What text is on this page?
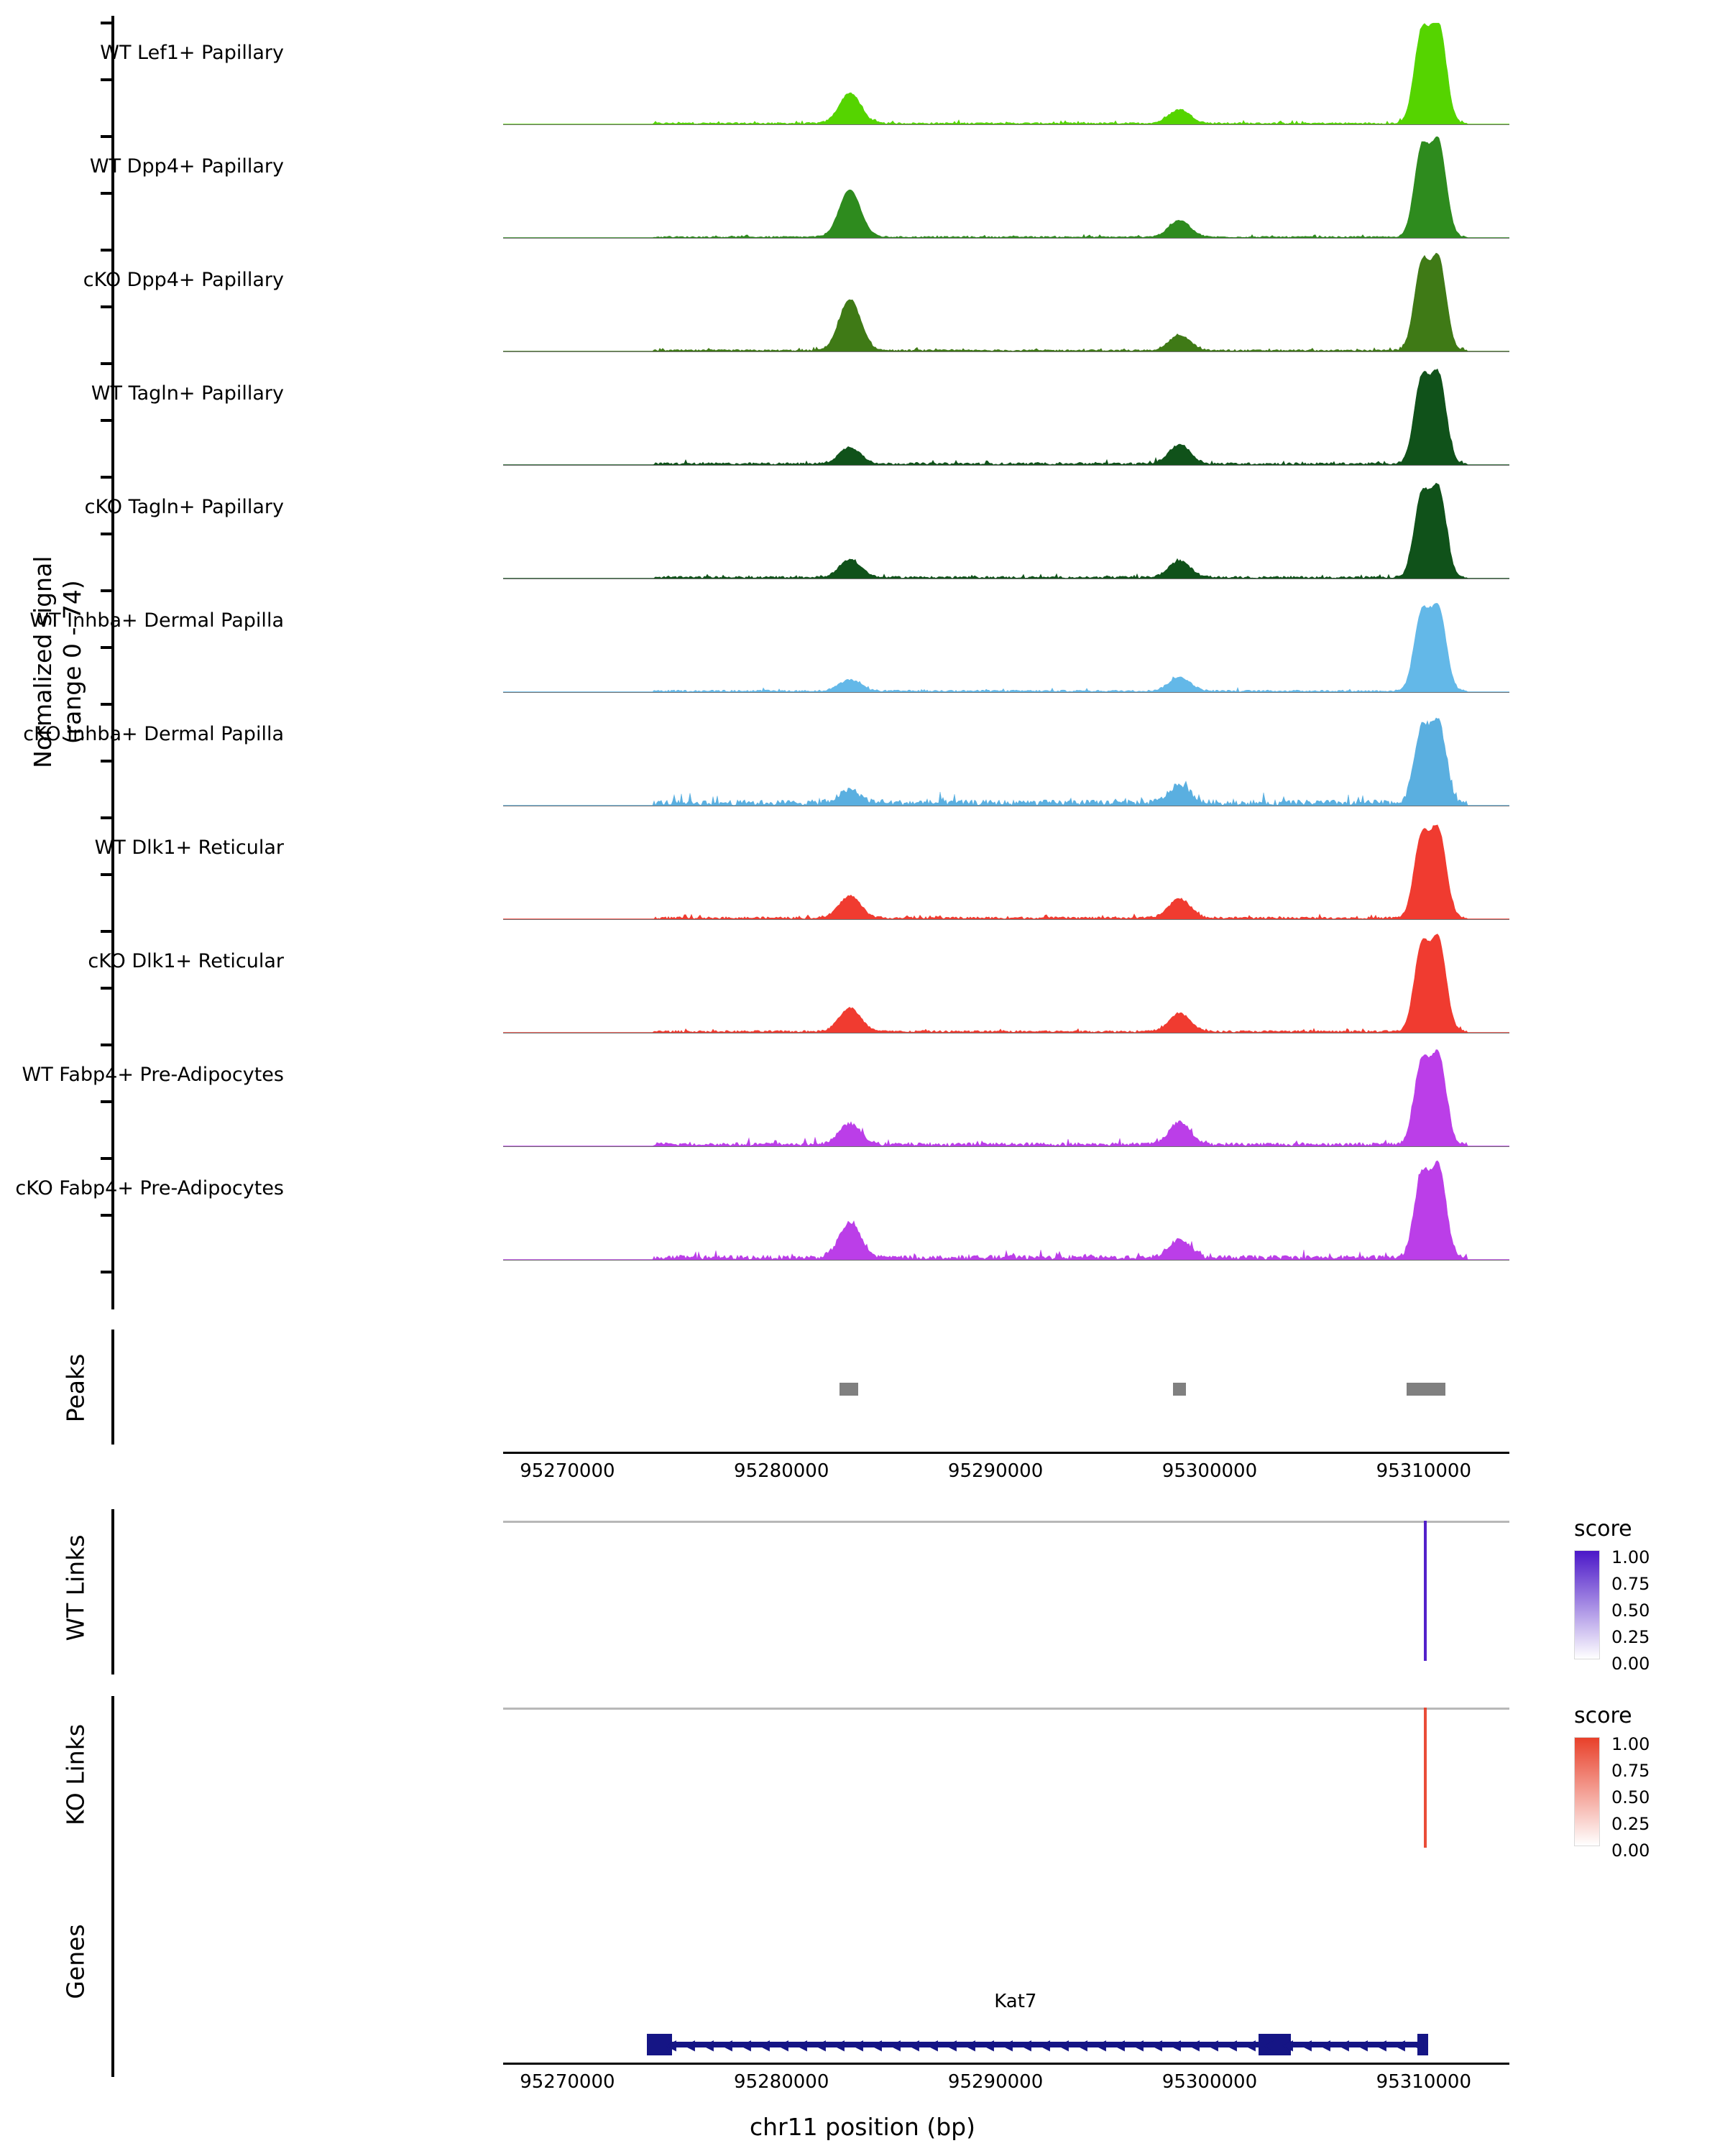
Normalized signal (range 0 - 74)
WT Lef1+ Papillary
WT Dpp4+ Papillary
cKO Dpp4+ Papillary
WT Tagln+ Papillary
cKO Tagln+ Papillary
WT Inhba+ Dermal Papilla
cKO Inhba+ Dermal Papilla
WT Dlk1+ Reticular
cKO Dlk1+ Reticular
WT Fabp4+ Pre-Adipocytes
cKO Fabp4+ Pre-Adipocytes
Peaks
95270000	95280000	95290000	95300000	95310000
WT Links
score
1.00
0.75
0.50
0.25
0.00
KO Links
score
1.00
0.75
0.50
0.25
0.00
Genes
Kat7
◀ ◀ ◀ ◀ ◀ ◀ ◀ ◀ ◀ ◀ ◀ ◀ ◀ ◀ ◀ ◀ ◀ ◀ ◀ ◀ ◀ ◀ ◀ ◀ ◀ ◀ ◀ ◀ ◀ ◀ ◀ ◀ ◀ ◀ ◀ ◀ ◀ ◀ ◀ ◀ ◀
95270000	95280000	95290000	95300000	95310000
chr11 position (bp)
